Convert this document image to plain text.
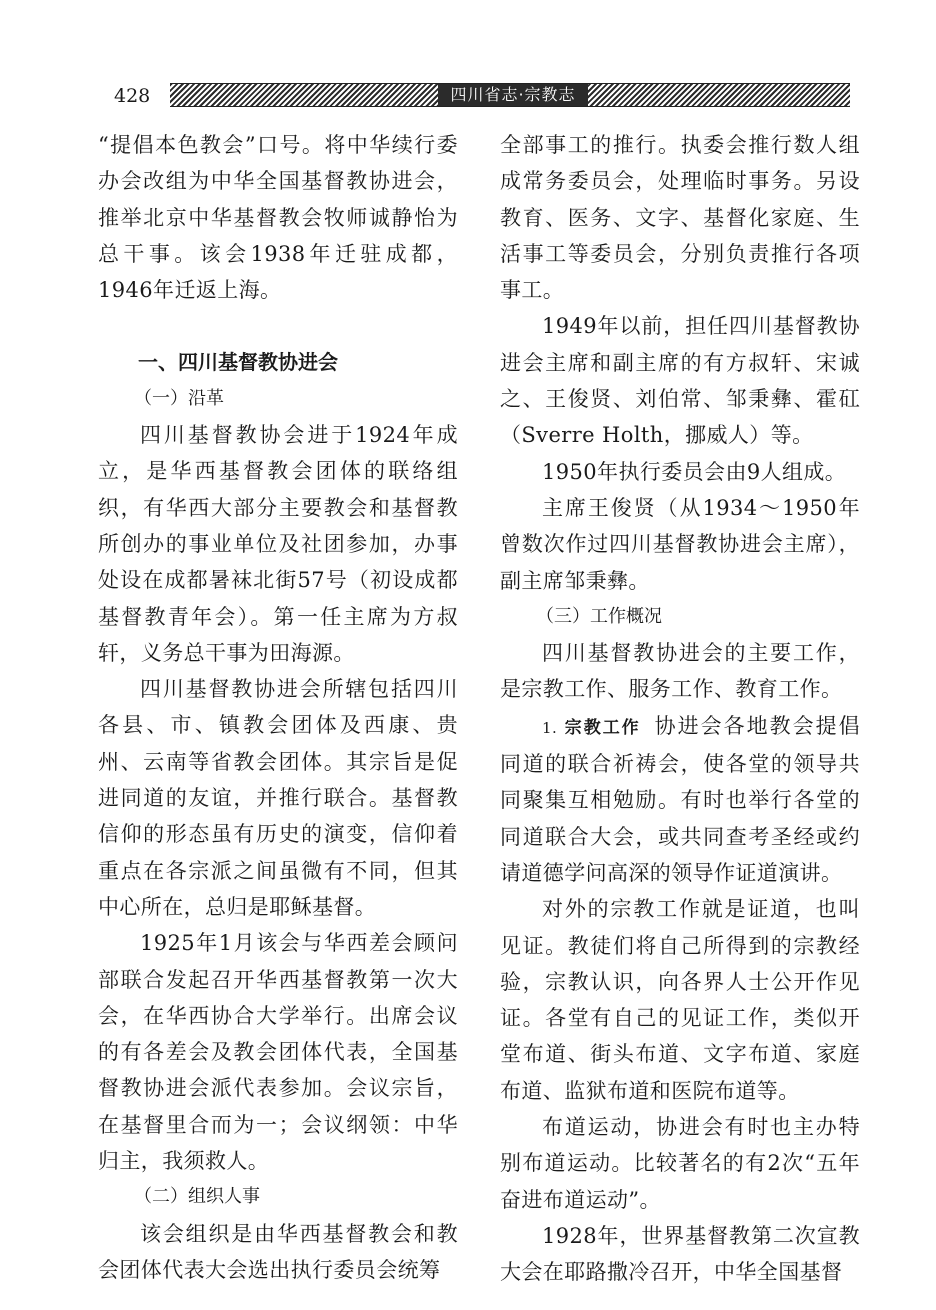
428	四川省志·宗教志

“提倡本色教会”口号。将中华续行委办会改组为中华全国基督教协进会，推举北京中华基督教会牧师诚静怡为总干事。该会1938年迁驻成都，1946年迁返上海。

一、四川基督教协进会

（一）沿革

四川基督教协会进于1924年成立，是华西基督教会团体的联络组织，有华西大部分主要教会和基督教所创办的事业单位及社团参加，办事处设在成都暑袜北街57号（初设成都基督教青年会）。第一任主席为方叔轩，义务总干事为田海源。

四川基督教协进会所辖包括四川各县、市、镇教会团体及西康、贵州、云南等省教会团体。其宗旨是促进同道的友谊，并推行联合。基督教信仰的形态虽有历史的演变，信仰着重点在各宗派之间虽微有不同，但其中心所在，总归是耶稣基督。

1925年1月该会与华西差会顾问部联合发起召开华西基督教第一次大会，在华西协合大学举行。出席会议的有各差会及教会团体代表，全国基督教协进会派代表参加。会议宗旨，在基督里合而为一；会议纲领：中华归主，我须救人。

（二）组织人事

该会组织是由华西基督教会和教会团体代表大会选出执行委员会统筹

全部事工的推行。执委会推行数人组成常务委员会，处理临时事务。另设教育、医务、文字、基督化家庭、生活事工等委员会，分别负责推行各项事工。

1949年以前，担任四川基督教协进会主席和副主席的有方叔轩、宋诚之、王俊贤、刘伯常、邹秉彝、霍矼（Sverre Holth，挪威人）等。

1950年执行委员会由9人组成。

主席王俊贤（从1934～1950年曾数次作过四川基督教协进会主席），副主席邹秉彝。

（三）工作概况

四川基督教协进会的主要工作，是宗教工作、服务工作、教育工作。

1. 宗教工作 协进会各地教会提倡同道的联合祈祷会，使各堂的领导共同聚集互相勉励。有时也举行各堂的同道联合大会，或共同查考圣经或约请道德学问高深的领导作证道演讲。

对外的宗教工作就是证道，也叫见证。教徒们将自己所得到的宗教经验，宗教认识，向各界人士公开作见证。各堂有自己的见证工作，类似开堂布道、街头布道、文字布道、家庭布道、监狱布道和医院布道等。

布道运动，协进会有时也主办特别布道运动。比较著名的有2次“五年奋进布道运动”。

1928年，世界基督教第二次宣教大会在耶路撒冷召开，中华全国基督
